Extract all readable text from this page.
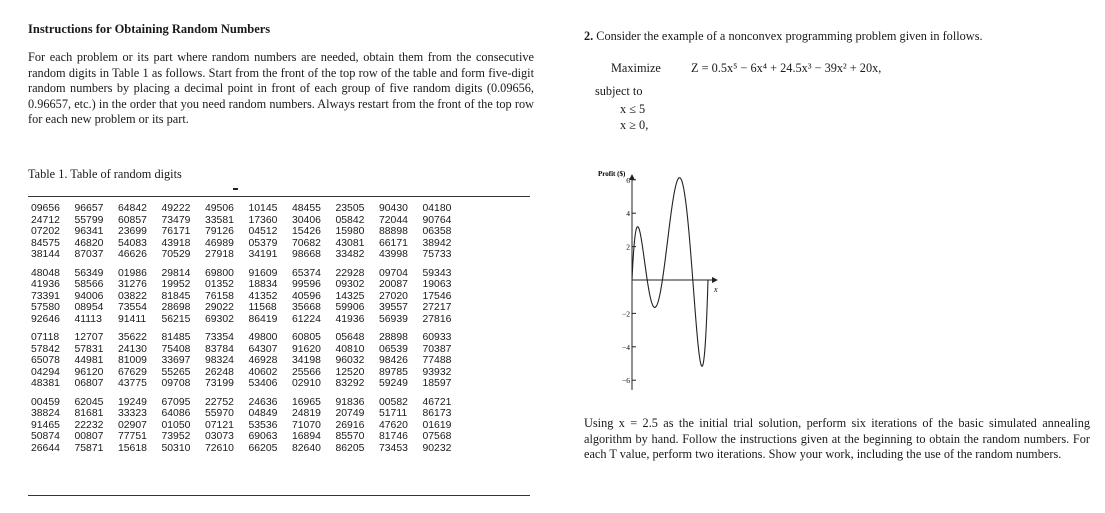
Instructions for Obtaining Random Numbers

For each problem or its part where random numbers are needed, obtain them from the consecutive random digits in Table 1 as follows. Start from the front of the top row of the table and form five-digit random numbers by placing a decimal point in front of each group of five random digits (0.09656, 0.96657, etc.) in the order that you need random numbers. Always restart from the front of the top row for each new problem or its part.

Table 1. Table of random digits
09656	96657	64842	49222	49506	10145	48455	23505	90430	04180
24712	55799	60857	73479	33581	17360	30406	05842	72044	90764
07202	96341	23699	76171	79126	04512	15426	15980	88898	06358
84575	46820	54083	43918	46989	05379	70682	43081	66171	38942
38144	87037	46626	70529	27918	34191	98668	33482	43998	75733

48048	56349	01986	29814	69800	91609	65374	22928	09704	59343
41936	58566	31276	19952	01352	18834	99596	09302	20087	19063
73391	94006	03822	81845	76158	41352	40596	14325	27020	17546
57580	08954	73554	28698	29022	11568	35668	59906	39557	27217
92646	41113	91411	56215	69302	86419	61224	41936	56939	27816

07118	12707	35622	81485	73354	49800	60805	05648	28898	60933
57842	57831	24130	75408	83784	64307	91620	40810	06539	70387
65078	44981	81009	33697	98324	46928	34198	96032	98426	77488
04294	96120	67629	55265	26248	40602	25566	12520	89785	93932
48381	06807	43775	09708	73199	53406	02910	83292	59249	18597

00459	62045	19249	67095	22752	24636	16965	91836	00582	46721
38824	81681	33323	64086	55970	04849	24819	20749	51711	86173
91465	22232	02907	01050	07121	53536	71070	26916	47620	01619
50874	00807	77751	73952	03073	69063	16894	85570	81746	07568
26644	75871	15618	50310	72610	66205	82640	86205	73453	90232
2. Consider the example of a nonconvex programming problem given in follows.
Maximize Z = 0.5x⁵ − 6x⁴ + 24.5x³ − 39x² + 20x,
subject to
x ≤ 5
x ≥ 0,
Profit ($)
x
−6
−4
−2
2
4
6

Using x = 2.5 as the initial trial solution, perform six iterations of the basic simulated annealing algorithm by hand. Follow the instructions given at the beginning to obtain the random numbers. For each T value, perform two iterations. Show your work, including the use of the random numbers.
